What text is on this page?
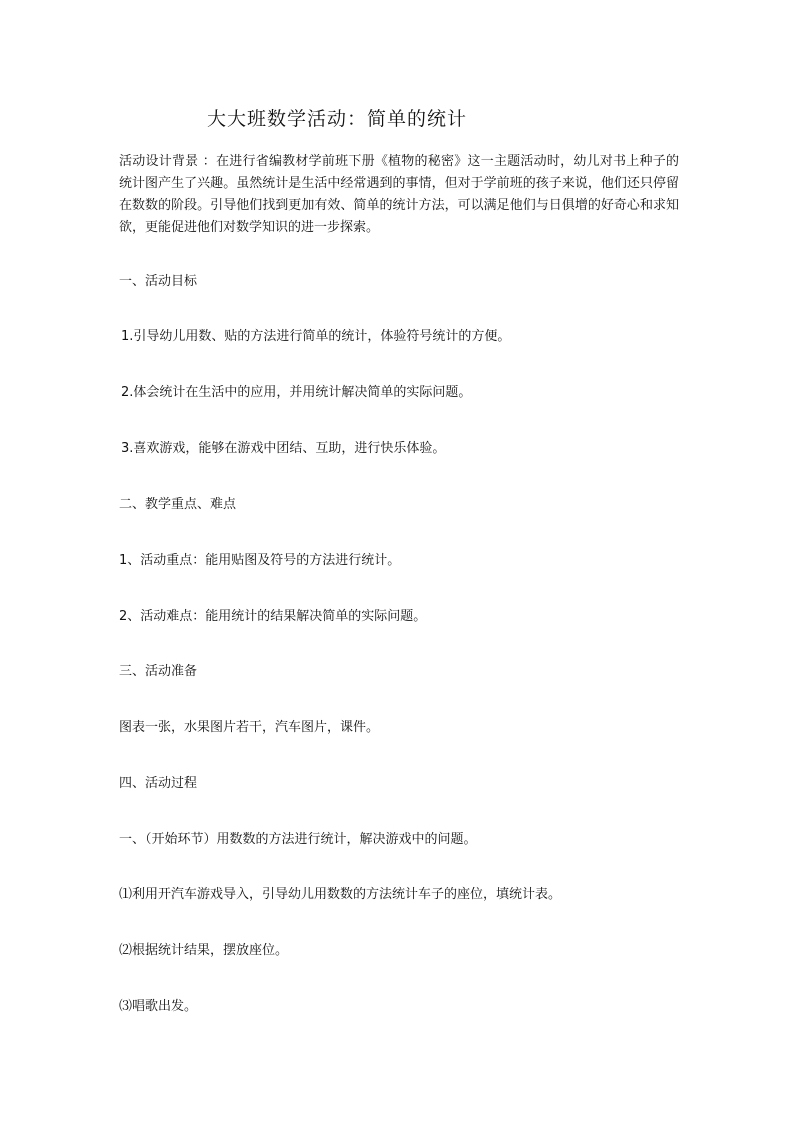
大大班数学活动：简单的统计

活动设计背景 ：在进行省编教材学前班下册《植物的秘密》这一主题活动时，幼儿对书上种子的统计图产生了兴趣。虽然统计是生活中经常遇到的事情，但对于学前班的孩子来说，他们还只停留在数数的阶段。引导他们找到更加有效、简单的统计方法，可以满足他们与日俱增的好奇心和求知欲，更能促进他们对数学知识的进一步探索。

一、活动目标

1.引导幼儿用数、贴的方法进行简单的统计，体验符号统计的方便。

2.体会统计在生活中的应用，并用统计解决简单的实际问题。

3.喜欢游戏，能够在游戏中团结、互助，进行快乐体验。

二、教学重点、难点

1、活动重点：能用贴图及符号的方法进行统计。

2、活动难点：能用统计的结果解决简单的实际问题。

三、活动准备

图表一张，水果图片若干，汽车图片，课件。

四、活动过程

一、（开始环节）用数数的方法进行统计，解决游戏中的问题。

⑴利用开汽车游戏导入，引导幼儿用数数的方法统计车子的座位，填统计表。

⑵根据统计结果，摆放座位。

⑶唱歌出发。
